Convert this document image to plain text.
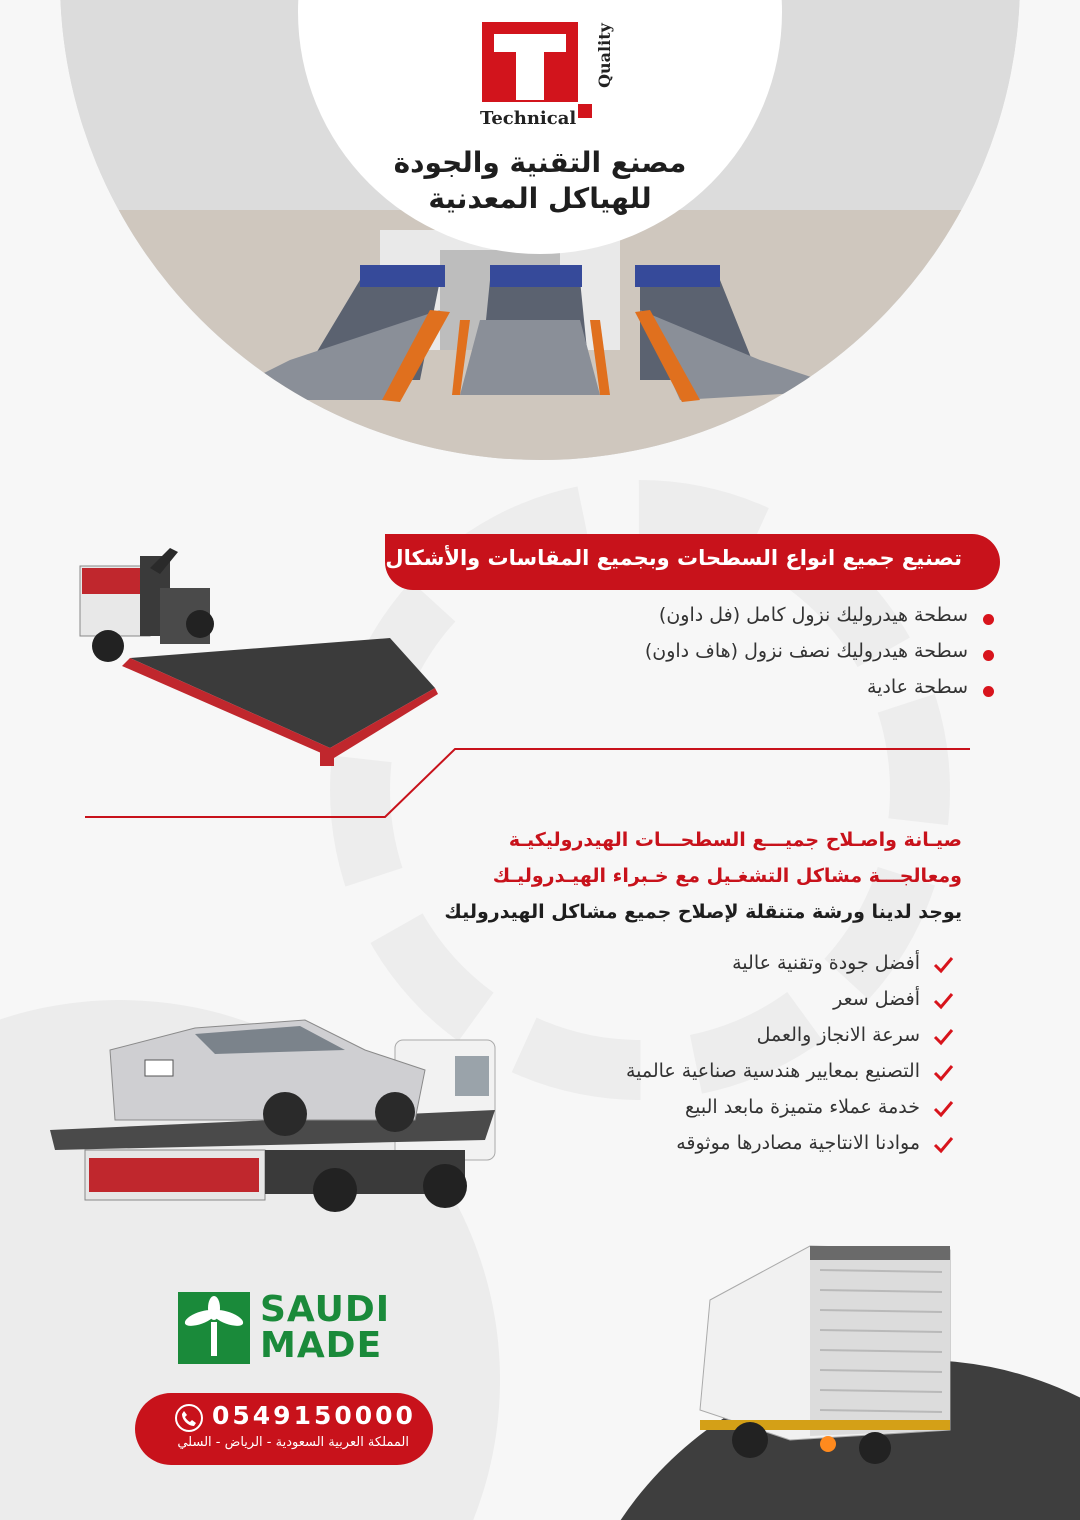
Technical
Quality
مصنع التقنية والجودة
للهياكل المعدنية
تصنيع جميع انواع السطحات وبجميع المقاسات والأشكال
سطحة هيدروليك نزول كامل (فل داون)
سطحة هيدروليك نصف نزول (هاف داون)
سطحة عادية
صيـانة واصـلاح جميـــع السطحـــات الهيدروليكيـة
ومعالجـــة مشاكل التشغـيل مع خـبراء الهيـدروليـك
يوجد لدينا ورشة متنقلة لإصلاح جميع مشاكل الهيدروليك
أفضل جودة وتقنية عالية
أفضل سعر
سرعة الانجاز والعمل
التصنيع بمعايير هندسية صناعية عالمية
خدمة عملاء متميزة مابعد البيع
موادنا الانتاجية مصادرها موثوقه
SAUDI
MADE
0549150000
المملكة العربية السعودية - الرياض - السلي
